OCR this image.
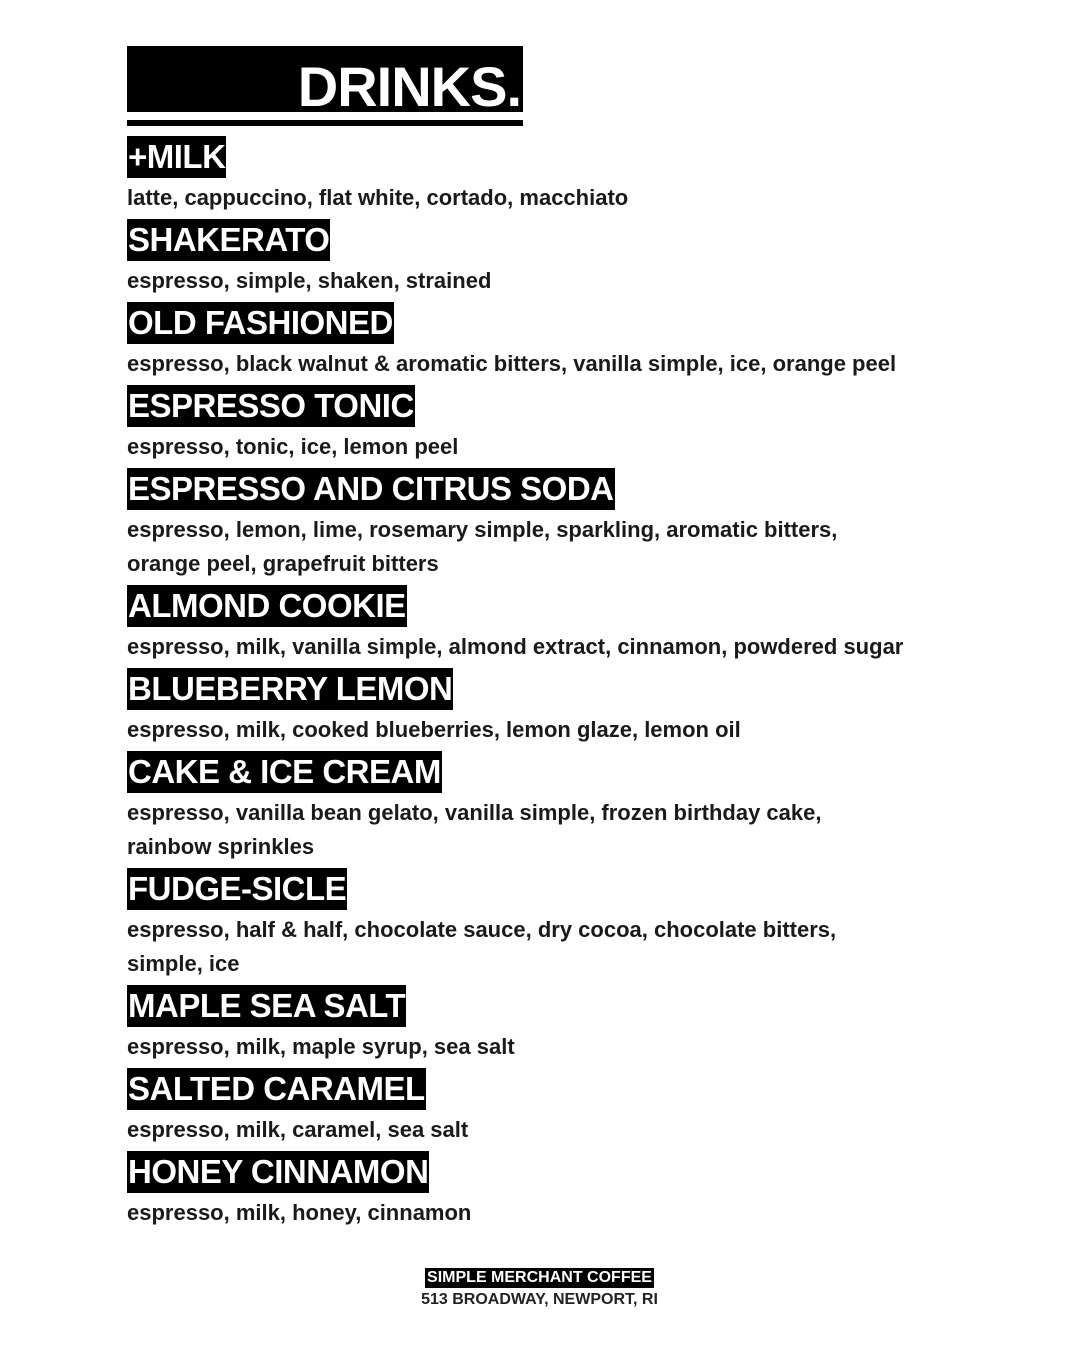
DRINKS.
+MILK
latte, cappuccino, flat white, cortado, macchiato
SHAKERATO
espresso, simple, shaken, strained
OLD FASHIONED
espresso, black walnut & aromatic bitters, vanilla simple, ice, orange peel
ESPRESSO TONIC
espresso, tonic, ice, lemon peel
ESPRESSO AND CITRUS SODA
espresso, lemon, lime, rosemary simple, sparkling, aromatic bitters, orange peel, grapefruit bitters
ALMOND COOKIE
espresso, milk, vanilla simple, almond extract, cinnamon, powdered sugar
BLUEBERRY LEMON
espresso, milk, cooked blueberries, lemon glaze, lemon oil
CAKE & ICE CREAM
espresso, vanilla bean gelato, vanilla simple, frozen birthday cake, rainbow sprinkles
FUDGE-SICLE
espresso, half & half, chocolate sauce, dry cocoa, chocolate bitters, simple, ice
MAPLE SEA SALT
espresso, milk, maple syrup, sea salt
SALTED CARAMEL
espresso, milk, caramel, sea salt
HONEY CINNAMON
espresso, milk, honey, cinnamon
SIMPLE MERCHANT COFFEE
513 BROADWAY, NEWPORT, RI
